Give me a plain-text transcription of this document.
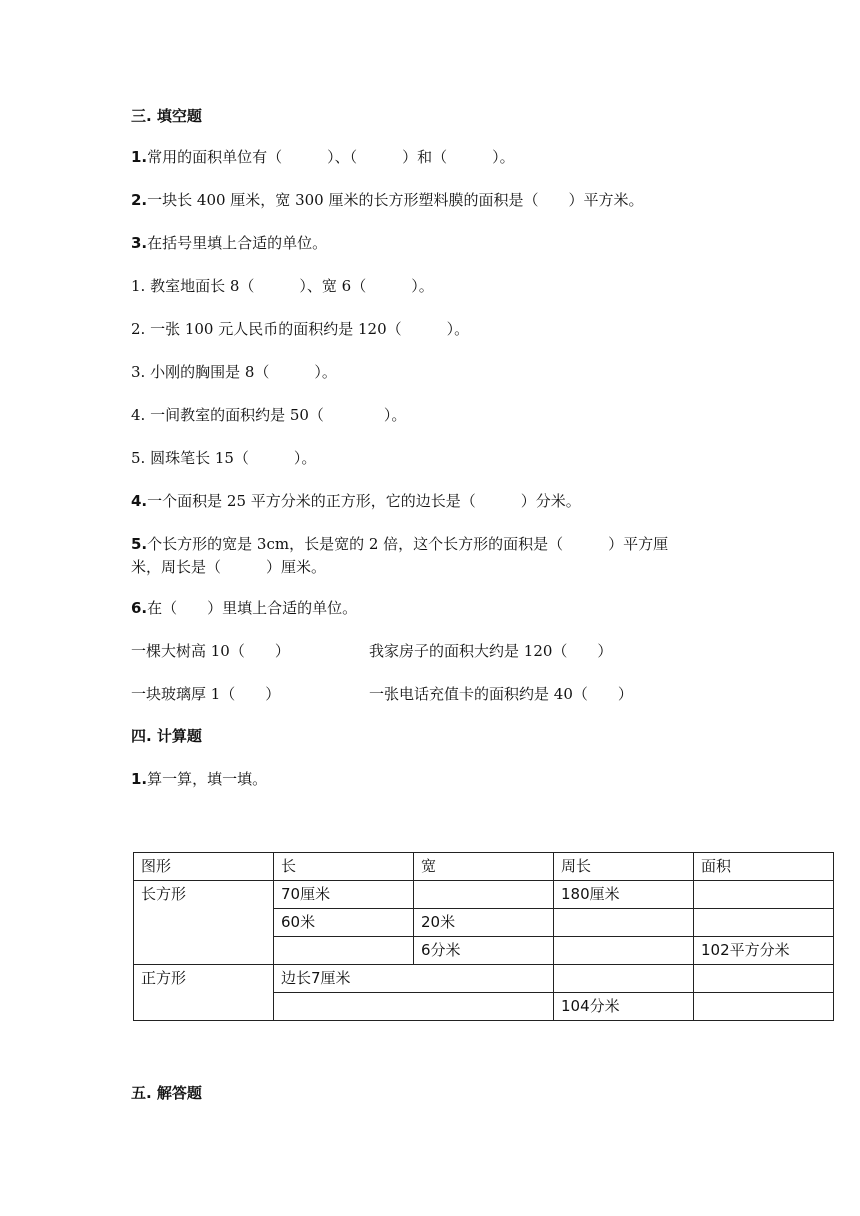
三. 填空题
1.常用的面积单位有（　　　）、（　　　）和（　　　）。
2.一块长 400 厘米，宽 300 厘米的长方形塑料膜的面积是（　　）平方米。
3.在括号里填上合适的单位。
1. 教室地面长 8（　　　）、宽 6（　　　）。
2. 一张 100 元人民币的面积约是 120（　　　）。
3. 小刚的胸围是 8（　　　）。
4. 一间教室的面积约是 50（　　　　）。
5. 圆珠笔长 15（　　　）。
4.一个面积是 25 平方分米的正方形，它的边长是（　　　）分米。
5.个长方形的宽是 3cm，长是宽的 2 倍，这个长方形的面积是（　　　）平方厘
米，周长是（　　　）厘米。
6.在（　　）里填上合适的单位。
一棵大树高 10（　　）	我家房子的面积大约是 120（　　）
一块玻璃厚 1（　　）	一张电话充值卡的面积约是 40（　　）
四. 计算题
1.算一算，填一填。
图形	长	宽	周长	面积
长方形	70厘米		180厘米	
	60米	20米		
		6分米		102平方分米
正方形	边长7厘米			
			104分米	
五. 解答题
